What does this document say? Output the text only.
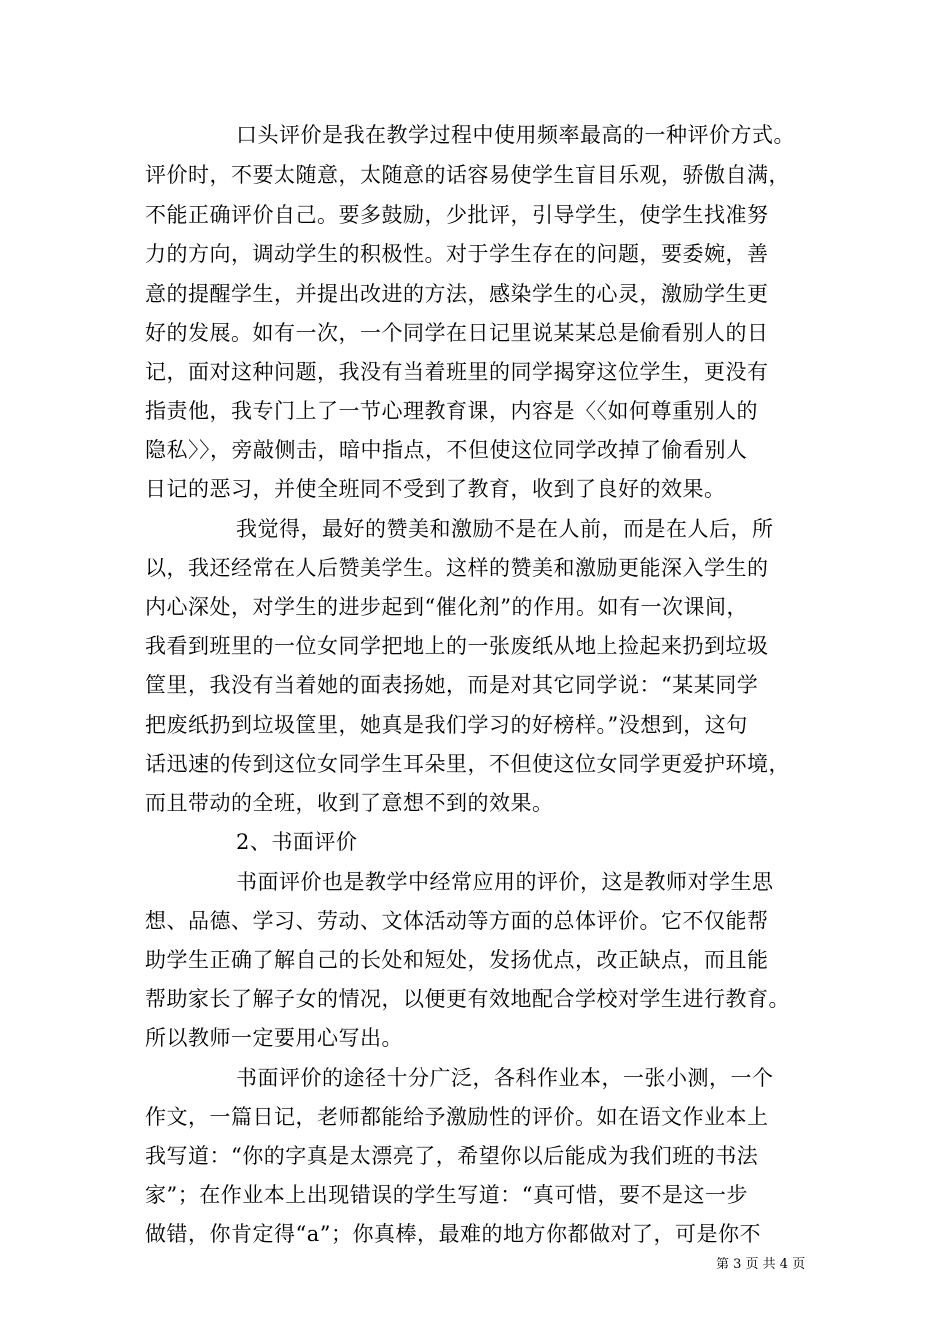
口头评价是我在教学过程中使用频率最高的一种评价方式。
评价时，不要太随意，太随意的话容易使学生盲目乐观，骄傲自满，
不能正确评价自己。要多鼓励，少批评，引导学生，使学生找准努
力的方向，调动学生的积极性。对于学生存在的问题，要委婉，善
意的提醒学生，并提出改进的方法，感染学生的心灵，激励学生更
好的发展。如有一次，一个同学在日记里说某某总是偷看别人的日
记，面对这种问题，我没有当着班里的同学揭穿这位学生，更没有
指责他，我专门上了一节心理教育课，内容是〈〈如何尊重别人的
隐私〉〉，旁敲侧击，暗中指点，不但使这位同学改掉了偷看别人
日记的恶习，并使全班同不受到了教育，收到了良好的效果。
我觉得，最好的赞美和激励不是在人前，而是在人后，所
以，我还经常在人后赞美学生。这样的赞美和激励更能深入学生的
内心深处，对学生的进步起到“催化剂”的作用。如有一次课间，
我看到班里的一位女同学把地上的一张废纸从地上捡起来扔到垃圾
筐里，我没有当着她的面表扬她，而是对其它同学说：“某某同学
把废纸扔到垃圾筐里，她真是我们学习的好榜样。”没想到，这句
话迅速的传到这位女同学生耳朵里，不但使这位女同学更爱护环境，
而且带动的全班，收到了意想不到的效果。
2、书面评价
书面评价也是教学中经常应用的评价，这是教师对学生思
想、品德、学习、劳动、文体活动等方面的总体评价。它不仅能帮
助学生正确了解自己的长处和短处，发扬优点，改正缺点，而且能
帮助家长了解子女的情况，以便更有效地配合学校对学生进行教育。
所以教师一定要用心写出。
书面评价的途径十分广泛，各科作业本，一张小测，一个
作文，一篇日记，老师都能给予激励性的评价。如在语文作业本上
我写道：“你的字真是太漂亮了，希望你以后能成为我们班的书法
家”；在作业本上出现错误的学生写道：“真可惜，要不是这一步
做错，你肯定得“a”；你真棒，最难的地方你都做对了，可是你不
第 3 页 共 4 页
